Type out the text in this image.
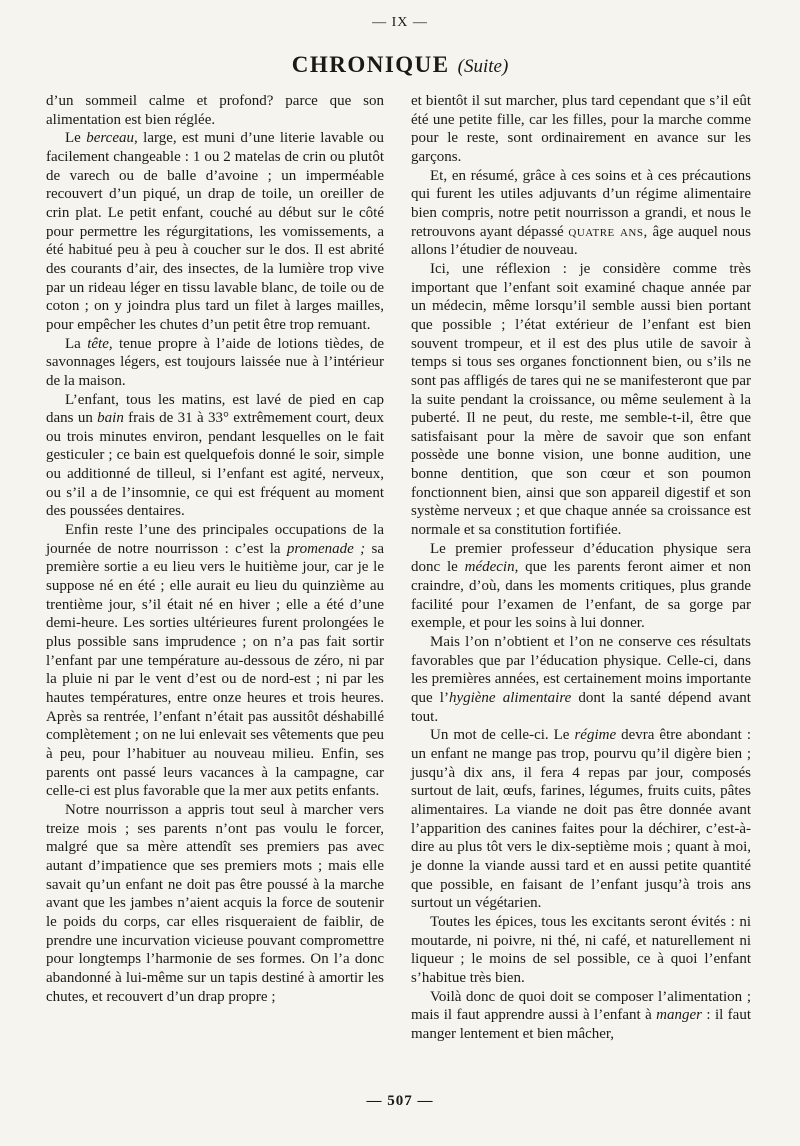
— IX —
CHRONIQUE (Suite)

d’un sommeil calme et profond? parce que son alimentation est bien réglée.

Le berceau, large, est muni d’une literie lavable ou facilement changeable : 1 ou 2 matelas de crin ou plutôt de varech ou de balle d’avoine ; un imperméable recouvert d’un piqué, un drap de toile, un oreiller de crin plat. Le petit enfant, couché au début sur le côté pour permettre les régurgitations, les vomissements, a été habitué peu à peu à coucher sur le dos. Il est abrité des courants d’air, des insectes, de la lumière trop vive par un rideau léger en tissu lavable blanc, de toile ou de coton ; on y joindra plus tard un filet à larges mailles, pour empêcher les chutes d’un petit être trop remuant.

La tête, tenue propre à l’aide de lotions tièdes, de savonnages légers, est toujours laissée nue à l’intérieur de la maison.

L’enfant, tous les matins, est lavé de pied en cap dans un bain frais de 31 à 33° extrêmement court, deux ou trois minutes environ, pendant lesquelles on le fait gesticuler ; ce bain est quelquefois donné le soir, simple ou additionné de tilleul, si l’enfant est agité, nerveux, ou s’il a de l’insomnie, ce qui est fréquent au moment des poussées dentaires.

Enfin reste l’une des principales occupations de la journée de notre nourrisson : c’est la promenade ; sa première sortie a eu lieu vers le huitième jour, car je le suppose né en été ; elle aurait eu lieu du quinzième au trentième jour, s’il était né en hiver ; elle a été d’une demi-heure. Les sorties ultérieures furent prolongées le plus possible sans imprudence ; on n’a pas fait sortir l’enfant par une température au-dessous de zéro, ni par la pluie ni par le vent d’est ou de nord-est ; ni par les hautes températures, entre onze heures et trois heures. Après sa rentrée, l’enfant n’était pas aussitôt déshabillé complètement ; on ne lui enlevait ses vêtements que peu à peu, pour l’habituer au nouveau milieu. Enfin, ses parents ont passé leurs vacances à la campagne, car celle-ci est plus favorable que la mer aux petits enfants.

Notre nourrisson a appris tout seul à marcher vers treize mois ; ses parents n’ont pas voulu le forcer, malgré que sa mère attendît ses premiers pas avec autant d’impatience que ses premiers mots ; mais elle savait qu’un enfant ne doit pas être poussé à la marche avant que les jambes n’aient acquis la force de soutenir le poids du corps, car elles risqueraient de faiblir, de prendre une incurvation vicieuse pouvant compromettre pour longtemps l’harmonie de ses formes. On l’a donc abandonné à lui-même sur un tapis destiné à amortir les chutes, et recouvert d’un drap propre ;

et bientôt il sut marcher, plus tard cependant que s’il eût été une petite fille, car les filles, pour la marche comme pour le reste, sont ordinairement en avance sur les garçons.

Et, en résumé, grâce à ces soins et à ces précautions qui furent les utiles adjuvants d’un régime alimentaire bien compris, notre petit nourrisson a grandi, et nous le retrouvons ayant dépassé quatre ans, âge auquel nous allons l’étudier de nouveau.

Ici, une réflexion : je considère comme très important que l’enfant soit examiné chaque année par un médecin, même lorsqu’il semble aussi bien portant que possible ; l’état extérieur de l’enfant est bien souvent trompeur, et il est des plus utile de savoir à temps si tous ses organes fonctionnent bien, ou s’ils ne sont pas affligés de tares qui ne se manifesteront que par la suite pendant la croissance, ou même seulement à la puberté. Il ne peut, du reste, me semble-t-il, être que satisfaisant pour la mère de savoir que son enfant possède une bonne vision, une bonne audition, une bonne dentition, que son cœur et son poumon fonctionnent bien, ainsi que son appareil digestif et son système nerveux ; et que chaque année sa croissance est normale et sa constitution fortifiée.

Le premier professeur d’éducation physique sera donc le médecin, que les parents feront aimer et non craindre, d’où, dans les moments critiques, plus grande facilité pour l’examen de l’enfant, de sa gorge par exemple, et pour les soins à lui donner.

Mais l’on n’obtient et l’on ne conserve ces résultats favorables que par l’éducation physique. Celle-ci, dans les premières années, est certainement moins importante que l’hygiène alimentaire dont la santé dépend avant tout.

Un mot de celle-ci. Le régime devra être abondant : un enfant ne mange pas trop, pourvu qu’il digère bien ; jusqu’à dix ans, il fera 4 repas par jour, composés surtout de lait, œufs, farines, légumes, fruits cuits, pâtes alimentaires. La viande ne doit pas être donnée avant l’apparition des canines faites pour la déchirer, c’est-à-dire au plus tôt vers le dix-septième mois ; quant à moi, je donne la viande aussi tard et en aussi petite quantité que possible, en faisant de l’enfant jusqu’à trois ans surtout un végétarien.

Toutes les épices, tous les excitants seront évités : ni moutarde, ni poivre, ni thé, ni café, et naturellement ni liqueur ; le moins de sel possible, ce à quoi l’enfant s’habitue très bien.

Voilà donc de quoi doit se composer l’alimentation ; mais il faut apprendre aussi à l’enfant à manger : il faut manger lentement et bien mâcher,

— 507 —
